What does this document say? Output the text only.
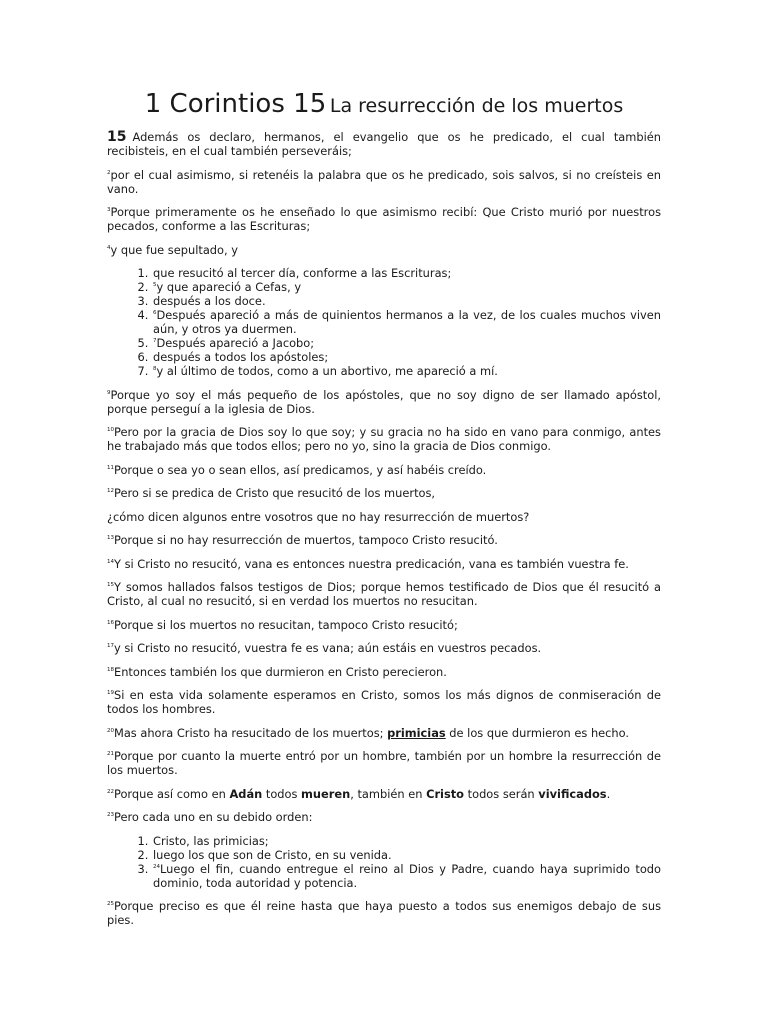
1 Corintios 15 La resurrección de los muertos

15 Además os declaro, hermanos, el evangelio que os he predicado, el cual también recibisteis, en el cual también perseveráis;

$^2$por el cual asimismo, si retenéis la palabra que os he predicado, sois salvos, si no creísteis en vano.

$^3$Porque primeramente os he enseñado lo que asimismo recibí: Que Cristo murió por nuestros pecados, conforme a las Escrituras;

$^4$y que fue sepultado, y

1. que resucitó al tercer día, conforme a las Escrituras;
2. $^5$y que apareció a Cefas, y
3. después a los doce.
4. $^6$Después apareció a más de quinientos hermanos a la vez, de los cuales muchos viven aún, y otros ya duermen.
5. $^7$Después apareció a Jacobo;
6. después a todos los apóstoles;
7. $^8$y al último de todos, como a un abortivo, me apareció a mí.

$^9$Porque yo soy el más pequeño de los apóstoles, que no soy digno de ser llamado apóstol, porque perseguí a la iglesia de Dios.

$^{10}$Pero por la gracia de Dios soy lo que soy; y su gracia no ha sido en vano para conmigo, antes he trabajado más que todos ellos; pero no yo, sino la gracia de Dios conmigo.

$^{11}$Porque o sea yo o sean ellos, así predicamos, y así habéis creído.

$^{12}$Pero si se predica de Cristo que resucitó de los muertos,

¿cómo dicen algunos entre vosotros que no hay resurrección de muertos?

$^{13}$Porque si no hay resurrección de muertos, tampoco Cristo resucitó.

$^{14}$Y si Cristo no resucitó, vana es entonces nuestra predicación, vana es también vuestra fe.

$^{15}$Y somos hallados falsos testigos de Dios; porque hemos testificado de Dios que él resucitó a Cristo, al cual no resucitó, si en verdad los muertos no resucitan.

$^{16}$Porque si los muertos no resucitan, tampoco Cristo resucitó;

$^{17}$y si Cristo no resucitó, vuestra fe es vana; aún estáis en vuestros pecados.

$^{18}$Entonces también los que durmieron en Cristo perecieron.

$^{19}$Si en esta vida solamente esperamos en Cristo, somos los más dignos de conmiseración de todos los hombres.

$^{20}$Mas ahora Cristo ha resucitado de los muertos; primicias de los que durmieron es hecho.

$^{21}$Porque por cuanto la muerte entró por un hombre, también por un hombre la resurrección de los muertos.

$^{22}$Porque así como en Adán todos mueren, también en Cristo todos serán vivificados.

$^{23}$Pero cada uno en su debido orden:

1. Cristo, las primicias;
2. luego los que son de Cristo, en su venida.
3. $^{24}$Luego el fin, cuando entregue el reino al Dios y Padre, cuando haya suprimido todo dominio, toda autoridad y potencia.

$^{25}$Porque preciso es que él reine hasta que haya puesto a todos sus enemigos debajo de sus pies.
